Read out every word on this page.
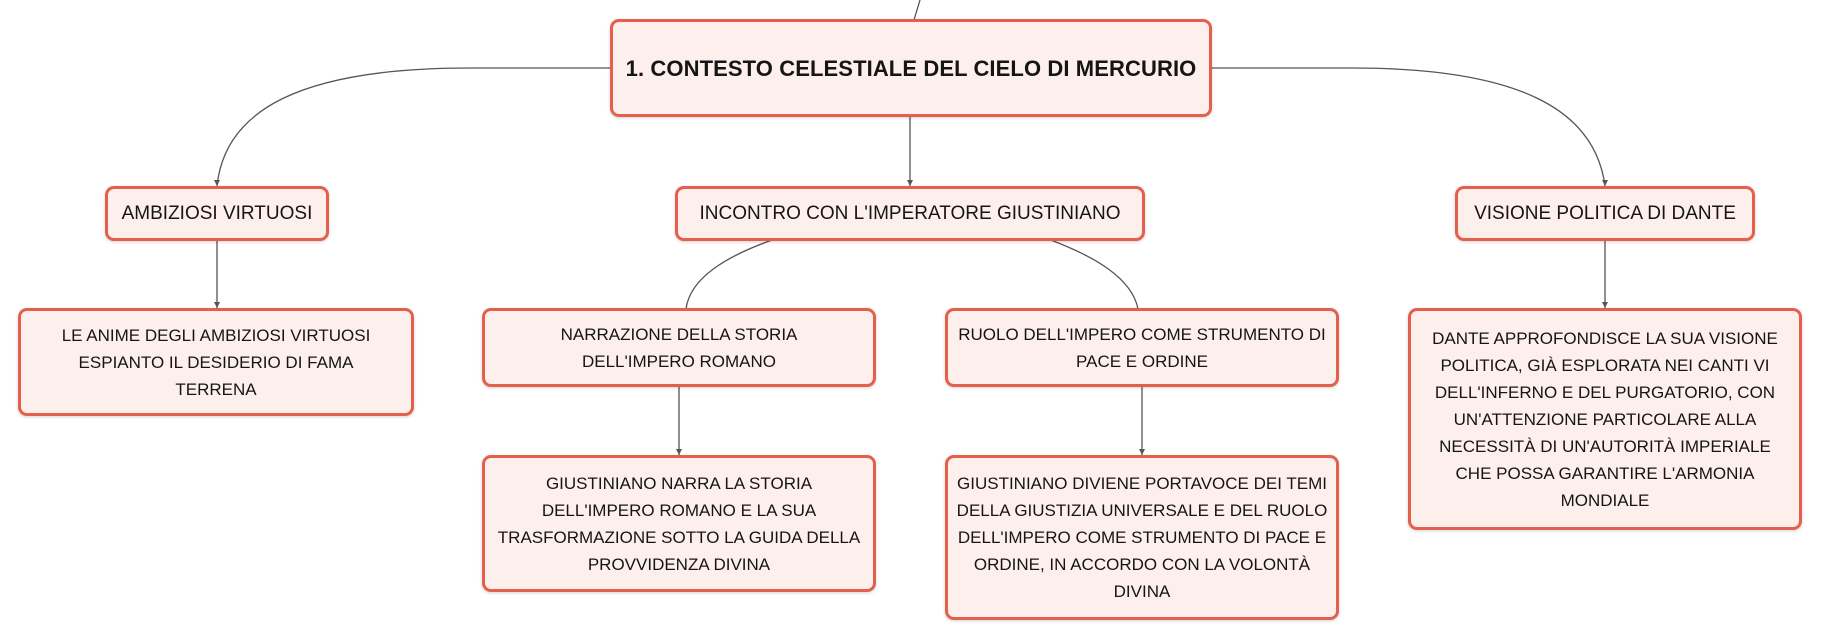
1. CONTESTO CELESTIALE DEL CIELO DI MERCURIO
AMBIZIOSI VIRTUOSI	INCONTRO CON L'IMPERATORE GIUSTINIANO	VISIONE POLITICA DI DANTE
LE ANIME DEGLI AMBIZIOSI VIRTUOSI ESPIANTO IL DESIDERIO DI FAMA TERRENA
NARRAZIONE DELLA STORIA DELL'IMPERO ROMANO
RUOLO DELL'IMPERO COME STRUMENTO DI PACE E ORDINE
DANTE APPROFONDISCE LA SUA VISIONE POLITICA, GIÀ ESPLORATA NEI CANTI VI DELL'INFERNO E DEL PURGATORIO, CON UN'ATTENZIONE PARTICOLARE ALLA NECESSITÀ DI UN'AUTORITÀ IMPERIALE CHE POSSA GARANTIRE L'ARMONIA MONDIALE
GIUSTINIANO NARRA LA STORIA DELL'IMPERO ROMANO E LA SUA TRASFORMAZIONE SOTTO LA GUIDA DELLA PROVVIDENZA DIVINA
GIUSTINIANO DIVIENE PORTAVOCE DEI TEMI DELLA GIUSTIZIA UNIVERSALE E DEL RUOLO DELL'IMPERO COME STRUMENTO DI PACE E ORDINE, IN ACCORDO CON LA VOLONTÀ DIVINA
